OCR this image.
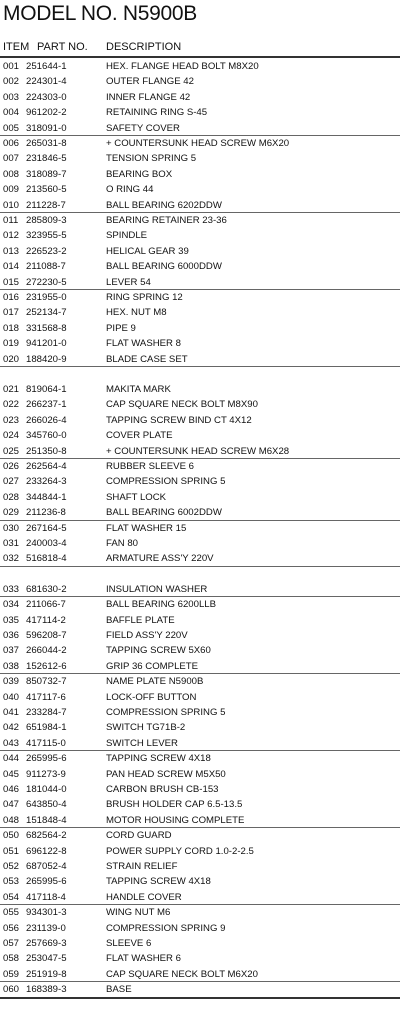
MODEL NO. N5900B
ITEM PART NO. DESCRIPTION
001 251644-1	HEX. FLANGE HEAD BOLT M8X20
002 224301-4	OUTER FLANGE 42
003 224303-0	INNER FLANGE 42
004 961202-2	RETAINING RING S-45
005 318091-0	SAFETY COVER
006 265031-8	+ COUNTERSUNK HEAD SCREW M6X20
007 231846-5	TENSION SPRING 5
008 318089-7	BEARING BOX
009 213560-5	O RING 44
010 211228-7	BALL BEARING 6202DDW
011 285809-3	BEARING RETAINER 23-36
012 323955-5	SPINDLE
013 226523-2	HELICAL GEAR 39
014 211088-7	BALL BEARING 6000DDW
015 272230-5	LEVER 54
016 231955-0	RING SPRING 12
017 252134-7	HEX. NUT M8
018 331568-8	PIPE 9
019 941201-0	FLAT WASHER 8
020 188420-9	BLADE CASE SET
021 819064-1	MAKITA MARK
022 266237-1	CAP SQUARE NECK BOLT M8X90
023 266026-4	TAPPING SCREW BIND CT 4X12
024 345760-0	COVER PLATE
025 251350-8	+ COUNTERSUNK HEAD SCREW M6X28
026 262564-4	RUBBER SLEEVE 6
027 233264-3	COMPRESSION SPRING 5
028 344844-1	SHAFT LOCK
029 211236-8	BALL BEARING 6002DDW
030 267164-5	FLAT WASHER 15
031 240003-4	FAN 80
032 516818-4	ARMATURE ASS'Y 220V
033 681630-2	INSULATION WASHER
034 211066-7	BALL BEARING 6200LLB
035 417114-2	BAFFLE PLATE
036 596208-7	FIELD ASS'Y 220V
037 266044-2	TAPPING SCREW 5X60
038 152612-6	GRIP 36 COMPLETE
039 850732-7	NAME PLATE N5900B
040 417117-6	LOCK-OFF BUTTON
041 233284-7	COMPRESSION SPRING 5
042 651984-1	SWITCH TG71B-2
043 417115-0	SWITCH LEVER
044 265995-6	TAPPING SCREW 4X18
045 911273-9	PAN HEAD SCREW M5X50
046 181044-0	CARBON BRUSH CB-153
047 643850-4	BRUSH HOLDER CAP 6.5-13.5
048 151848-4	MOTOR HOUSING COMPLETE
050 682564-2	CORD GUARD
051 696122-8	POWER SUPPLY CORD 1.0-2-2.5
052 687052-4	STRAIN RELIEF
053 265995-6	TAPPING SCREW 4X18
054 417118-4	HANDLE COVER
055 934301-3	WING NUT M6
056 231139-0	COMPRESSION SPRING 9
057 257669-3	SLEEVE 6
058 253047-5	FLAT WASHER 6
059 251919-8	CAP SQUARE NECK BOLT M6X20
060 168389-3	BASE
